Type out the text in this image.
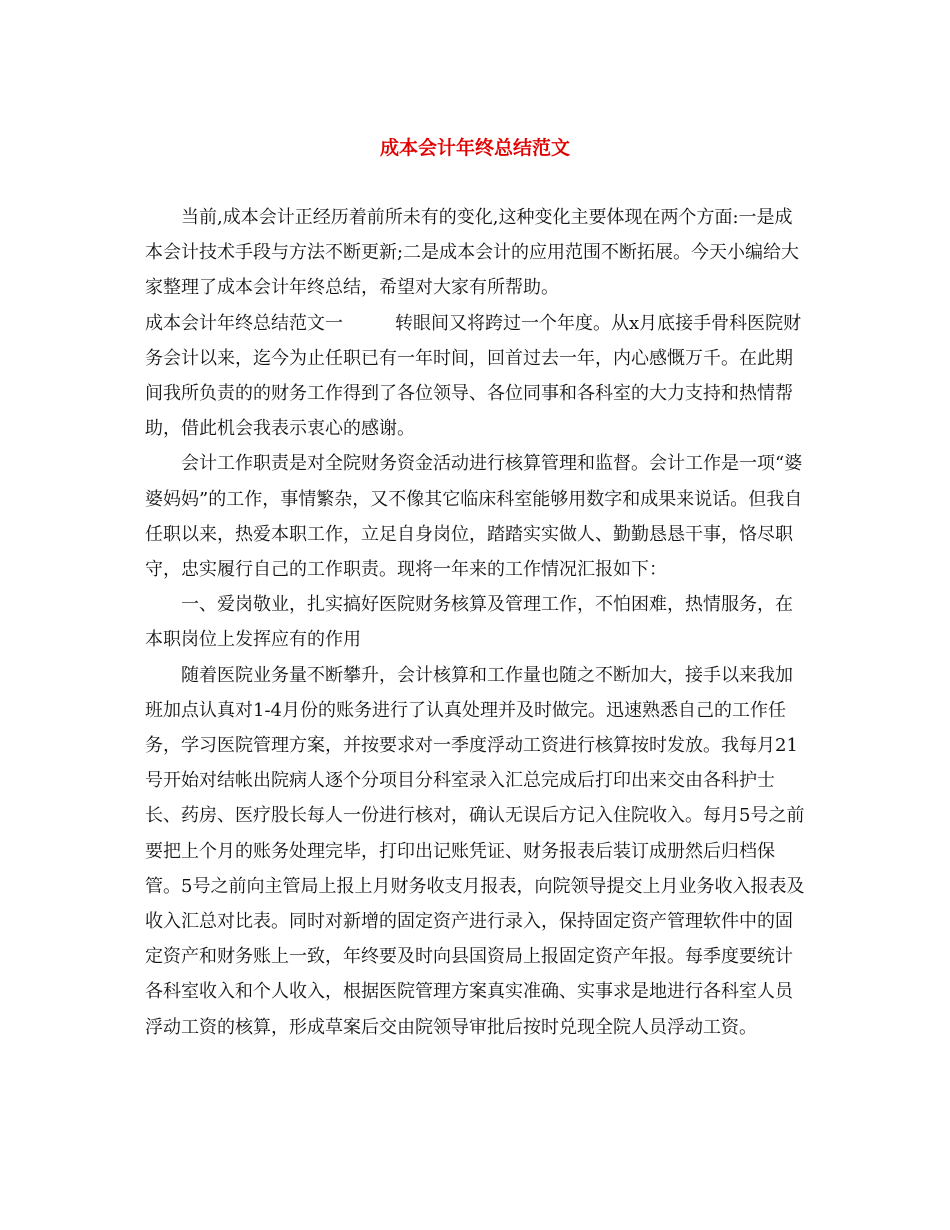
成本会计年终总结范文

当前,成本会计正经历着前所未有的变化,这种变化主要体现在两个方面:一是成本会计技术手段与方法不断更新;二是成本会计的应用范围不断拓展。今天小编给大家整理了成本会计年终总结，希望对大家有所帮助。

成本会计年终总结范文一	转眼间又将跨过一个年度。从x月底接手骨科医院财务会计以来，迄今为止任职已有一年时间，回首过去一年，内心感慨万千。在此期间我所负责的的财务工作得到了各位领导、各位同事和各科室的大力支持和热情帮助，借此机会我表示衷心的感谢。

会计工作职责是对全院财务资金活动进行核算管理和监督。会计工作是一项“婆婆妈妈”的工作，事情繁杂，又不像其它临床科室能够用数字和成果来说话。但我自任职以来，热爱本职工作，立足自身岗位，踏踏实实做人、勤勤恳恳干事，恪尽职守，忠实履行自己的工作职责。现将一年来的工作情况汇报如下：

一、爱岗敬业，扎实搞好医院财务核算及管理工作，不怕困难，热情服务，在本职岗位上发挥应有的作用

随着医院业务量不断攀升，会计核算和工作量也随之不断加大，接手以来我加班加点认真对1-4月份的账务进行了认真处理并及时做完。迅速熟悉自己的工作任务，学习医院管理方案，并按要求对一季度浮动工资进行核算按时发放。我每月21号开始对结帐出院病人逐个分项目分科室录入汇总完成后打印出来交由各科护士长、药房、医疗股长每人一份进行核对，确认无误后方记入住院收入。每月5号之前要把上个月的账务处理完毕，打印出记账凭证、财务报表后装订成册然后归档保管。5号之前向主管局上报上月财务收支月报表，向院领导提交上月业务收入报表及收入汇总对比表。同时对新增的固定资产进行录入，保持固定资产管理软件中的固定资产和财务账上一致，年终要及时向县国资局上报固定资产年报。每季度要统计各科室收入和个人收入，根据医院管理方案真实准确、实事求是地进行各科室人员浮动工资的核算，形成草案后交由院领导审批后按时兑现全院人员浮动工资。
